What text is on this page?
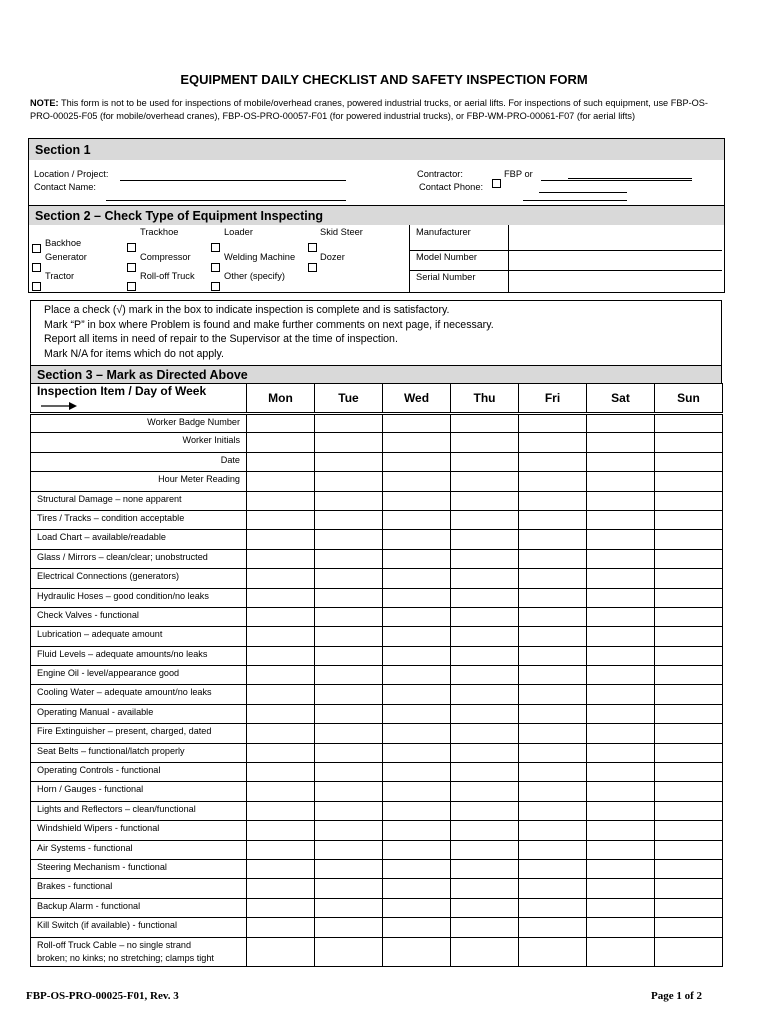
EQUIPMENT DAILY CHECKLIST AND SAFETY INSPECTION FORM
NOTE: This form is not to be used for inspections of mobile/overhead cranes, powered industrial trucks, or aerial lifts. For inspections of such equipment, use FBP-OS-PRO-00025-F05 (for mobile/overhead cranes), FBP-OS-PRO-00057-F01 (for powered industrial trucks), or FBP-WM-PRO-00061-F07 (for aerial lifts)
Section 1
Location / Project:
Contact Name:
Contractor:	FBP or
Contact Phone:
Section 2 – Check Type of Equipment Inspecting
Trackhoe	Loader	Skid Steer
Backhoe
Generator	Compressor	Welding Machine	Dozer
Tractor	Roll-off Truck	Other (specify)
Manufacturer
Model Number
Serial Number
Place a check (√) mark in the box to indicate inspection is complete and is satisfactory.
Mark “P” in box where Problem is found and make further comments on next page, if necessary.
Report all items in need of repair to the Supervisor at the time of inspection.
Mark N/A for items which do not apply.
Section 3 – Mark as Directed Above
Inspection Item / Day of Week	Mon	Tue	Wed	Thu	Fri	Sat	Sun
Worker Badge Number							
Worker Initials							
Date							
Hour Meter Reading							
Structural Damage – none apparent							
Tires / Tracks – condition acceptable							
Load Chart – available/readable							
Glass / Mirrors – clean/clear; unobstructed							
Electrical Connections (generators)							
Hydraulic Hoses – good condition/no leaks							
Check Valves - functional							
Lubrication – adequate amount							
Fluid Levels – adequate amounts/no leaks							
Engine Oil - level/appearance good							
Cooling Water – adequate amount/no leaks							
Operating Manual - available							
Fire Extinguisher – present, charged, dated							
Seat Belts – functional/latch properly							
Operating Controls - functional							
Horn / Gauges - functional							
Lights and Reflectors – clean/functional							
Windshield Wipers - functional							
Air Systems - functional							
Steering Mechanism - functional							
Brakes - functional							
Backup Alarm - functional							
Kill Switch (if available) - functional							

Roll-off Truck Cable – no single strand
broken; no kinks; no stretching; clamps tight							

FBP-OS-PRO-00025-F01, Rev. 3	Page 1 of 2
